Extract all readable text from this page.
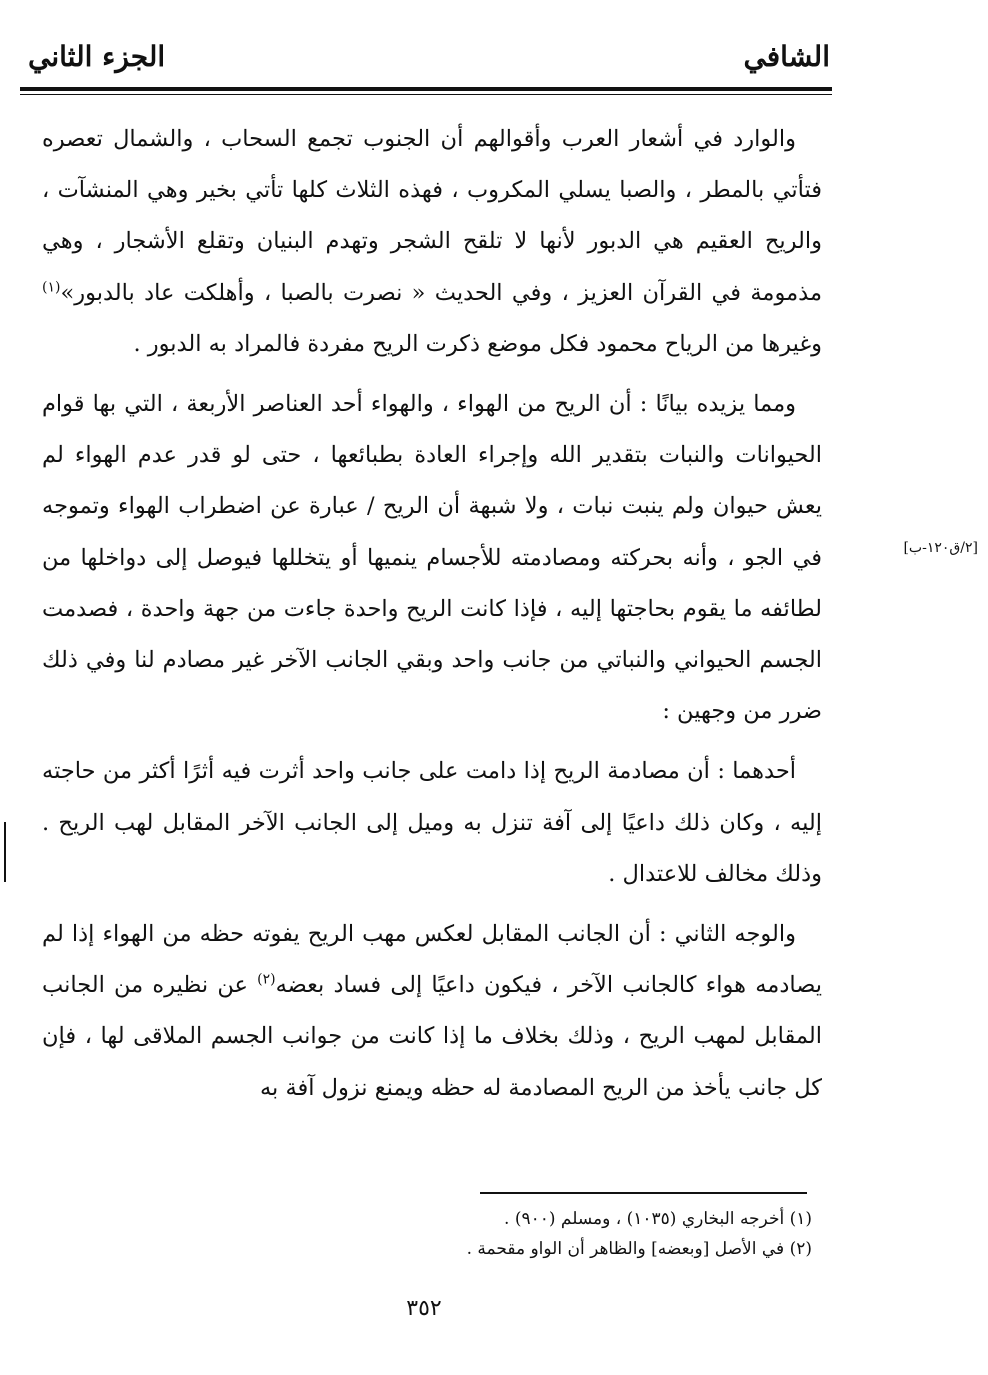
الشافي
الجزء الثاني

والوارد في أشعار العرب وأقوالهم أن الجنوب تجمع السحاب ، والشمال تعصره فتأتي بالمطر ، والصبا يسلي المكروب ، فهذه الثلاث كلها تأتي بخير وهي المنشآت ، والريح العقيم هي الدبور لأنها لا تلقح الشجر وتهدم البنيان وتقلع الأشجار ، وهي مذمومة في القرآن العزيز ، وفي الحديث « نصرت بالصبا ، وأهلكت عاد بالدبور»$^{(١)}$ وغيرها من الرياح محمود فكل موضع ذكرت الريح مفردة فالمراد به الدبور .

ومما يزيده بيانًا : أن الريح من الهواء ، والهواء أحد العناصر الأربعة ، التي بها قوام الحيوانات والنبات بتقدير الله وإجراء العادة بطبائعها ، حتى لو قدر عدم الهواء لم يعش حيوان ولم ينبت نبات ، ولا شبهة أن الريح / عبارة عن اضطراب الهواء وتموجه في الجو ، وأنه بحركته ومصادمته للأجسام ينميها أو يتخللها فيوصل إلى دواخلها من لطائفه ما يقوم بحاجتها إليه ، فإذا كانت الريح واحدة جاءت من جهة واحدة ، فصدمت الجسم الحيواني والنباتي من جانب واحد وبقي الجانب الآخر غير مصادم لنا وفي ذلك ضرر من وجهين :

أحدهما : أن مصادمة الريح إذا دامت على جانب واحد أثرت فيه أثرًا أكثر من حاجته إليه ، وكان ذلك داعيًا إلى آفة تنزل به وميل إلى الجانب الآخر المقابل لهب الريح . وذلك مخالف للاعتدال .

والوجه الثاني : أن الجانب المقابل لعكس مهب الريح يفوته حظه من الهواء إذا لم يصادمه هواء كالجانب الآخر ، فيكون داعيًا إلى فساد بعضه$^{(٢)}$ عن نظيره من الجانب المقابل لمهب الريح ، وذلك بخلاف ما إذا كانت من جوانب الجسم الملاقى لها ، فإن كل جانب يأخذ من الريح المصادمة له حظه ويمنع نزول آفة به

[٢/ق١٢٠-ب]

(١) أخرجه البخاري (١٠٣٥) ، ومسلم (٩٠٠) .

(٢) في الأصل [وبعضه] والظاهر أن الواو مقحمة .

٣٥٢
